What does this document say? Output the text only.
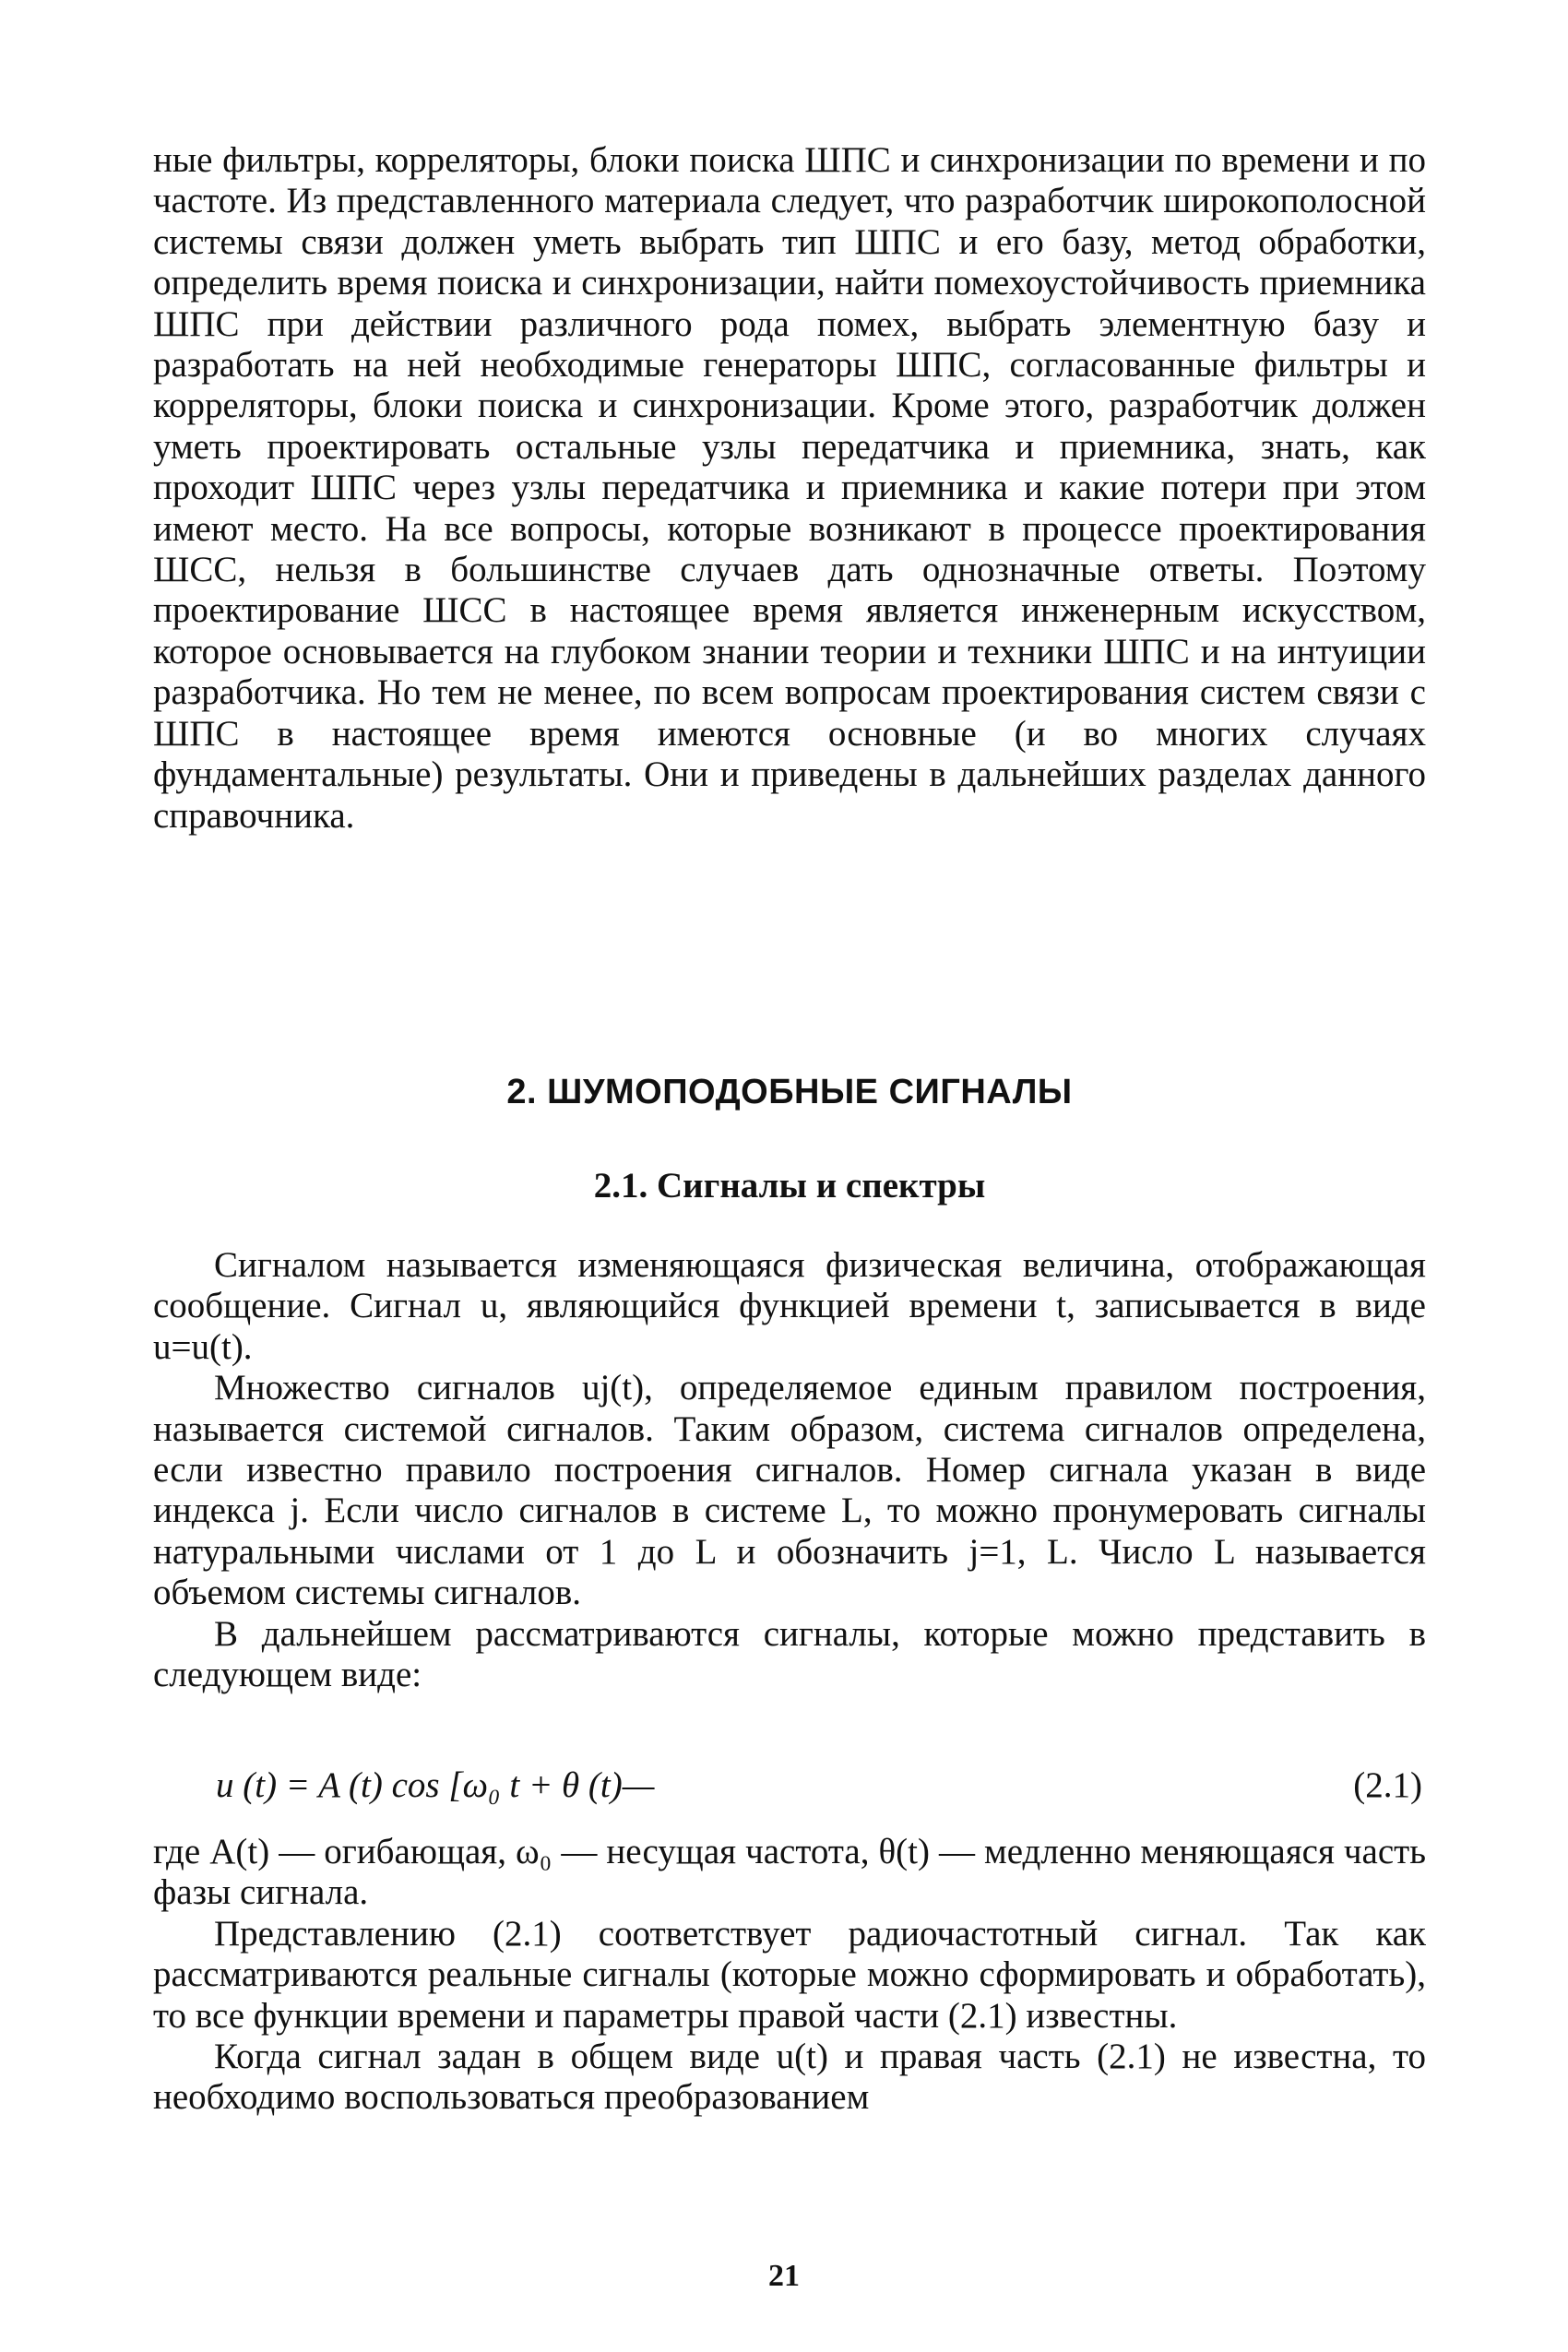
ные фильтры, корреляторы, блоки поиска ШПС и синхронизации по времени и по частоте. Из представленного материала следует, что разработчик широкополосной системы связи должен уметь выбрать тип ШПС и его базу, метод обработки, определить время поиска и синхронизации, найти помехоустойчивость приемника ШПС при действии различного рода помех, выбрать элементную базу и разработать на ней необходимые генераторы ШПС, согласованные фильтры и корреляторы, блоки поиска и синхронизации. Кроме этого, разработчик должен уметь проектировать остальные узлы передатчика и приемника, знать, как проходит ШПС через узлы передатчика и приемника и какие потери при этом имеют место. На все вопросы, которые возникают в процессе проектирования ШСС, нельзя в большинстве случаев дать однозначные ответы. Поэтому проектирование ШСС в настоящее время является инженерным искусством, которое основывается на глубоком знании теории и техники ШПС и на интуиции разработчика. Но тем не менее, по всем вопросам проектирования систем связи с ШПС в настоящее время имеются основные (и во многих случаях фундаментальные) результаты. Они и приведены в дальнейших разделах данного справочника.

2. ШУМОПОДОБНЫЕ СИГНАЛЫ
2.1. Сигналы и спектры

Сигналом называется изменяющаяся физическая величина, отображающая сообщение. Сигнал u, являющийся функцией времени t, записывается в виде u=u(t).

Множество сигналов uj(t), определяемое единым правилом построения, называется системой сигналов. Таким образом, система сигналов определена, если известно правило построения сигналов. Номер сигнала указан в виде индекса j. Если число сигналов в системе L, то можно пронумеровать сигналы натуральными числами от 1 до L и обозначить j=1, L. Число L называется объемом системы сигналов.

В дальнейшем рассматриваются сигналы, которые можно представить в следующем виде:

u (t) = A (t) cos [ω₀ t + θ (t)—	(2.1)

где A(t) — огибающая, ω₀ — несущая частота, θ(t) — медленно меняющаяся часть фазы сигнала.

Представлению (2.1) соответствует радиочастотный сигнал. Так как рассматриваются реальные сигналы (которые можно сформировать и обработать), то все функции времени и параметры правой части (2.1) известны.

Когда сигнал задан в общем виде u(t) и правая часть (2.1) не известна, то необходимо воспользоваться преобразованием

21
